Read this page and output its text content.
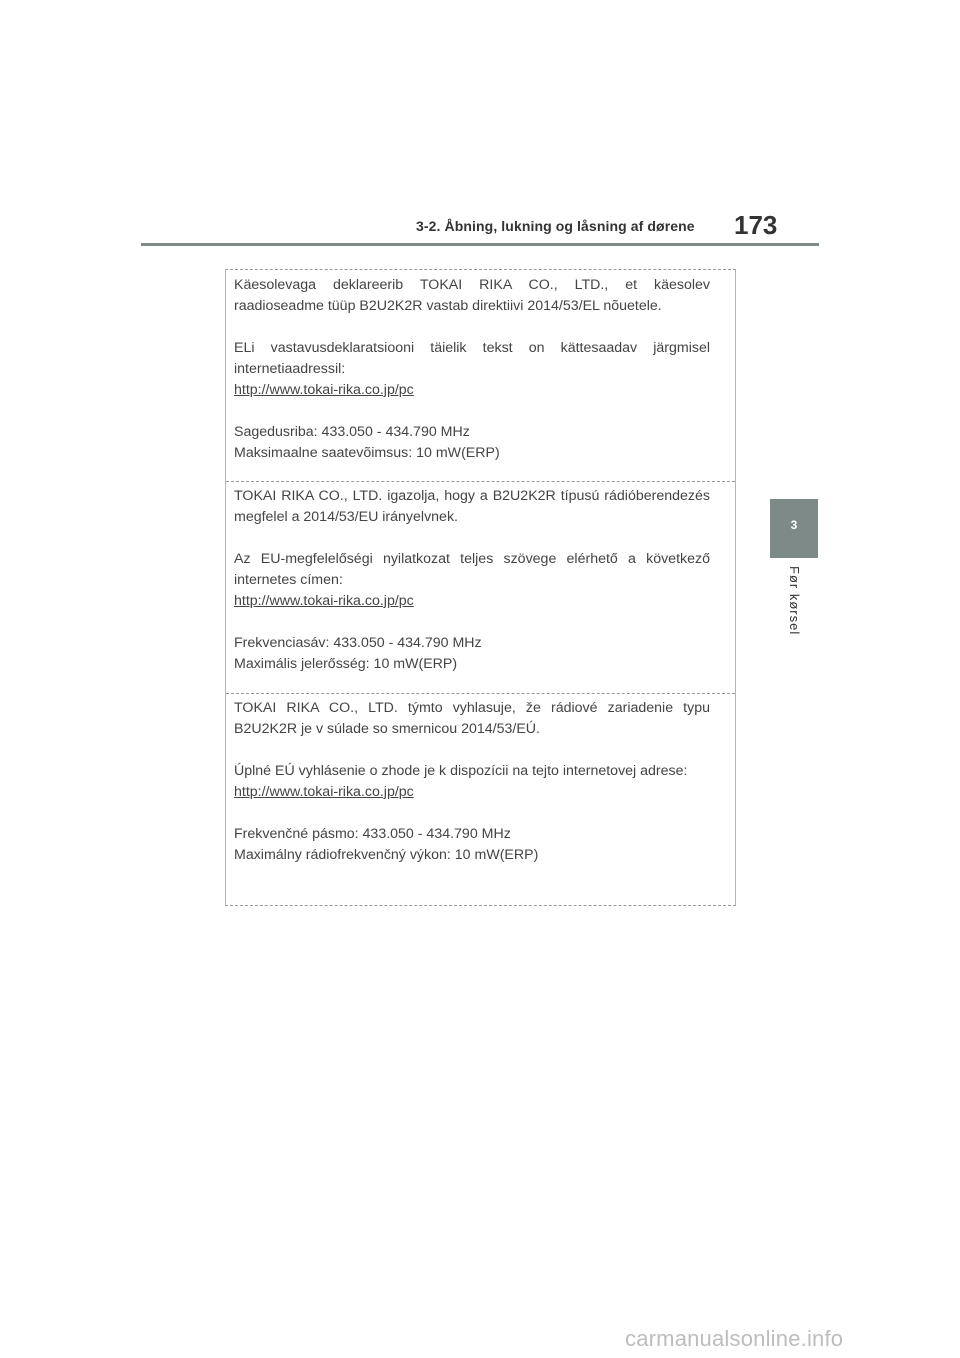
3-2. Åbning, lukning og låsning af dørene 173
3
Før kørsel

Käesolevaga deklareerib TOKAI RIKA CO., LTD., et käesolev raadioseadme tüüp B2U2K2R vastab direktiivi 2014/53/EL nõuetele.

ELi vastavusdeklaratsiooni täielik tekst on kättesaadav järgmisel internetiaadressil:

http://www.tokai-rika.co.jp/pc

Sagedusriba: 433.050 - 434.790 MHz

Maksimaalne saatevõimsus: 10 mW(ERP)

TOKAI RIKA CO., LTD. igazolja, hogy a B2U2K2R típusú rádióberendezés megfelel a 2014/53/EU irányelvnek.

Az EU-megfelelőségi nyilatkozat teljes szövege elérhető a következő internetes címen:

http://www.tokai-rika.co.jp/pc

Frekvenciasáv: 433.050 - 434.790 MHz

Maximális jelerősség: 10 mW(ERP)

TOKAI RIKA CO., LTD. týmto vyhlasuje, že rádiové zariadenie typu B2U2K2R je v súlade so smernicou 2014/53/EÚ.

Úplné EÚ vyhlásenie o zhode je k dispozícii na tejto internetovej adrese:

http://www.tokai-rika.co.jp/pc

Frekvenčné pásmo: 433.050 - 434.790 MHz

Maximálny rádiofrekvenčný výkon: 10 mW(ERP)

carmanualsonline.info
